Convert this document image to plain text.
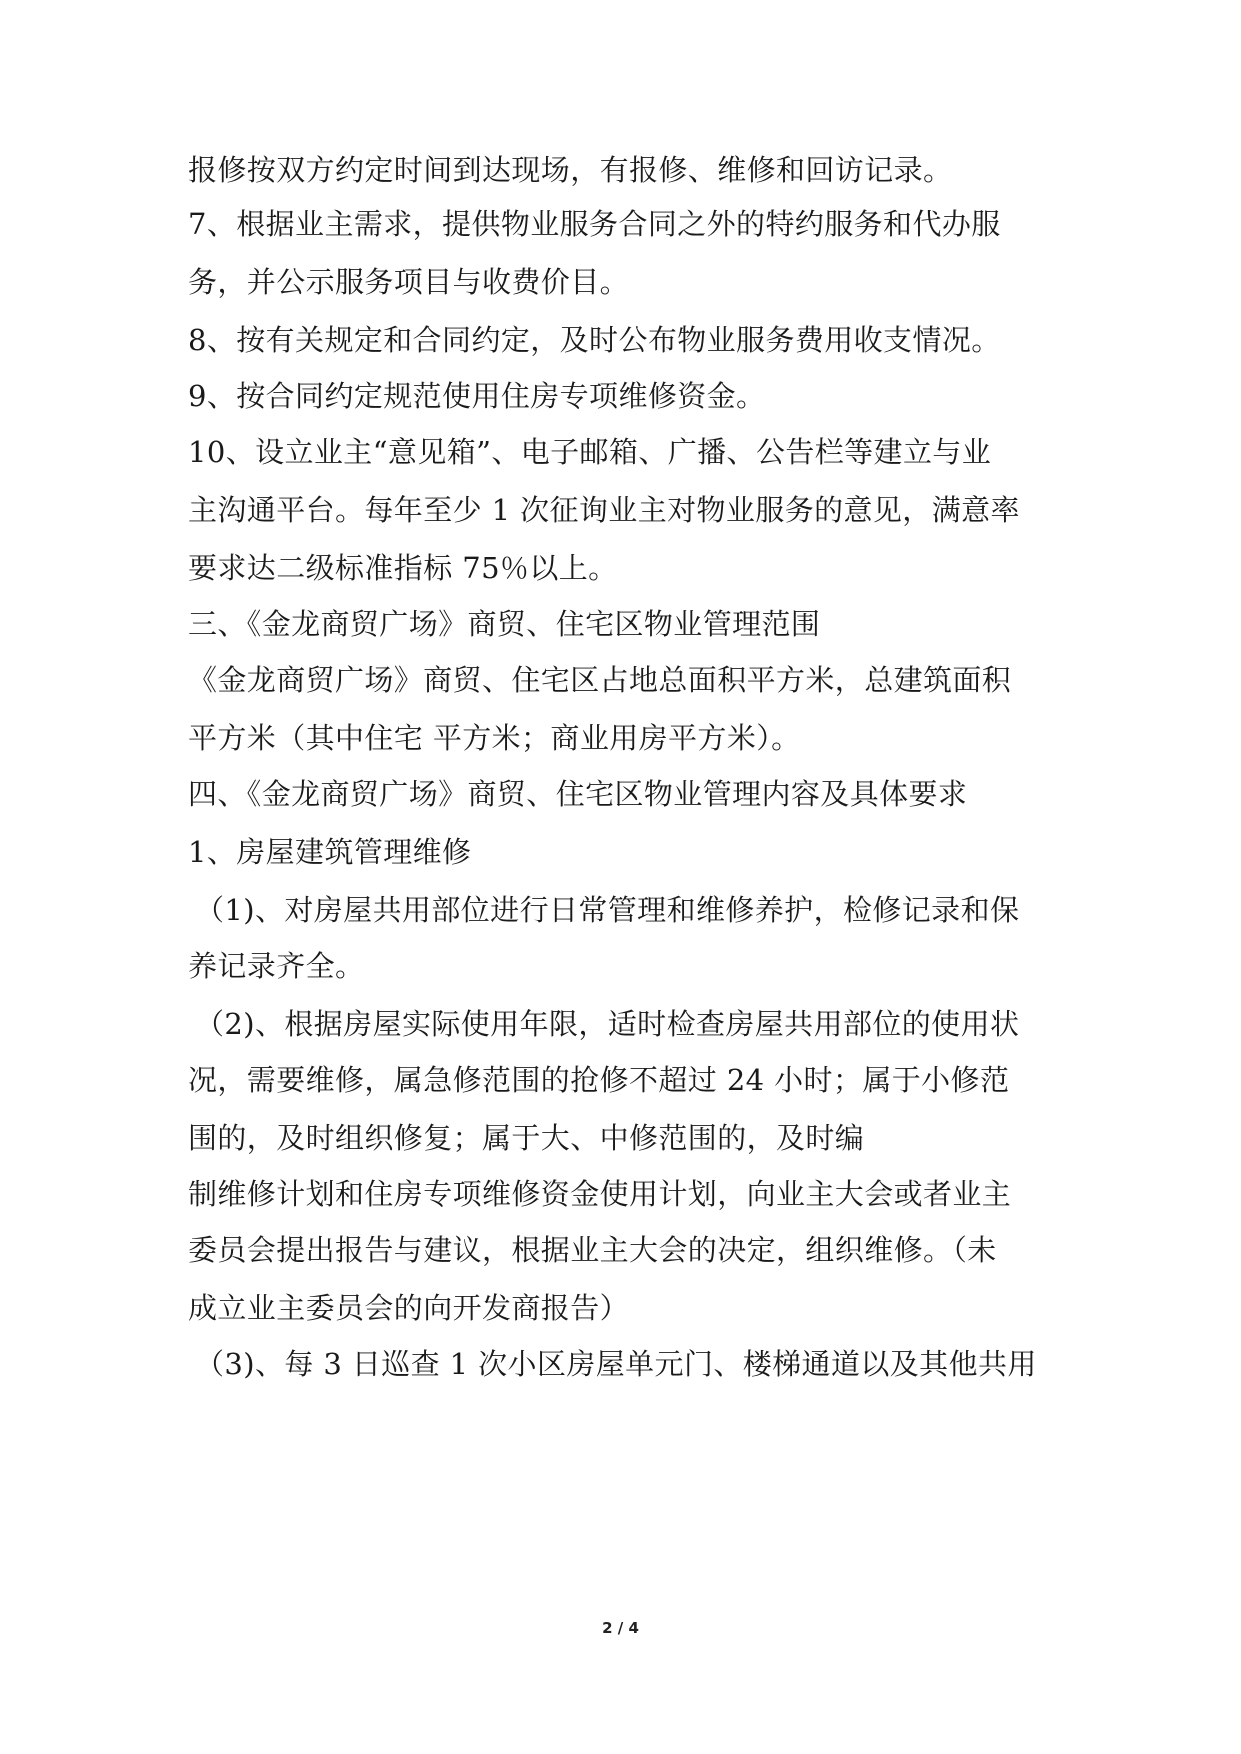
报修按双方约定时间到达现场，有报修、维修和回访记录。
7、根据业主需求，提供物业服务合同之外的特约服务和代办服
务，并公示服务项目与收费价目。
8、按有关规定和合同约定，及时公布物业服务费用收支情况。
9、按合同约定规范使用住房专项维修资金。
10、设立业主“意见箱”、电子邮箱、广播、公告栏等建立与业
主沟通平台。每年至少 1 次征询业主对物业服务的意见，满意率
要求达二级标准指标 75％以上。
三、《金龙商贸广场》商贸、住宅区物业管理范围
《金龙商贸广场》商贸、住宅区占地总面积平方米，总建筑面积
平方米（其中住宅 平方米；商业用房平方米）。
四、《金龙商贸广场》商贸、住宅区物业管理内容及具体要求
1、房屋建筑管理维修
（1)、对房屋共用部位进行日常管理和维修养护，检修记录和保
养记录齐全。
（2)、根据房屋实际使用年限，适时检查房屋共用部位的使用状
况，需要维修，属急修范围的抢修不超过 24 小时；属于小修范
围的，及时组织修复；属于大、中修范围的，及时编
制维修计划和住房专项维修资金使用计划，向业主大会或者业主
委员会提出报告与建议，根据业主大会的决定，组织维修。（未
成立业主委员会的向开发商报告）
（3)、每 3 日巡查 1 次小区房屋单元门、楼梯通道以及其他共用
2 / 4
